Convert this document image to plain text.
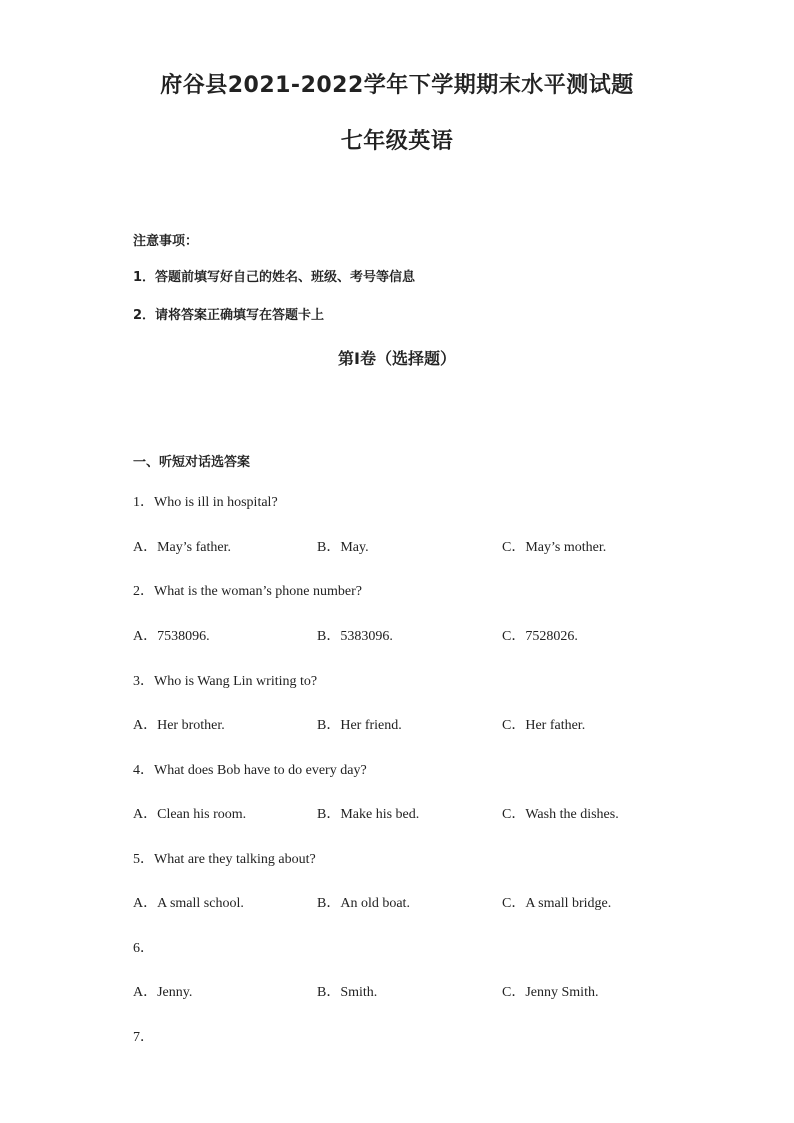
府谷县2021-2022学年下学期期末水平测试题
七年级英语
注意事项：
1．答题前填写好自己的姓名、班级、考号等信息
2．请将答案正确填写在答题卡上
第I卷（选择题）
一、听短对话选答案
1．Who is ill in hospital?
A．May’s father.	B．May.	C．May’s mother.
2．What is the woman’s phone number?
A．7538096.	B．5383096.	C．7528026.
3．Who is Wang Lin writing to?
A．Her brother.	B．Her friend.	C．Her father.
4．What does Bob have to do every day?
A．Clean his room.	B．Make his bed.	C．Wash the dishes.
5．What are they talking about?
A．A small school.	B．An old boat.	C．A small bridge.
6．
A．Jenny.	B．Smith.	C．Jenny Smith.
7．
